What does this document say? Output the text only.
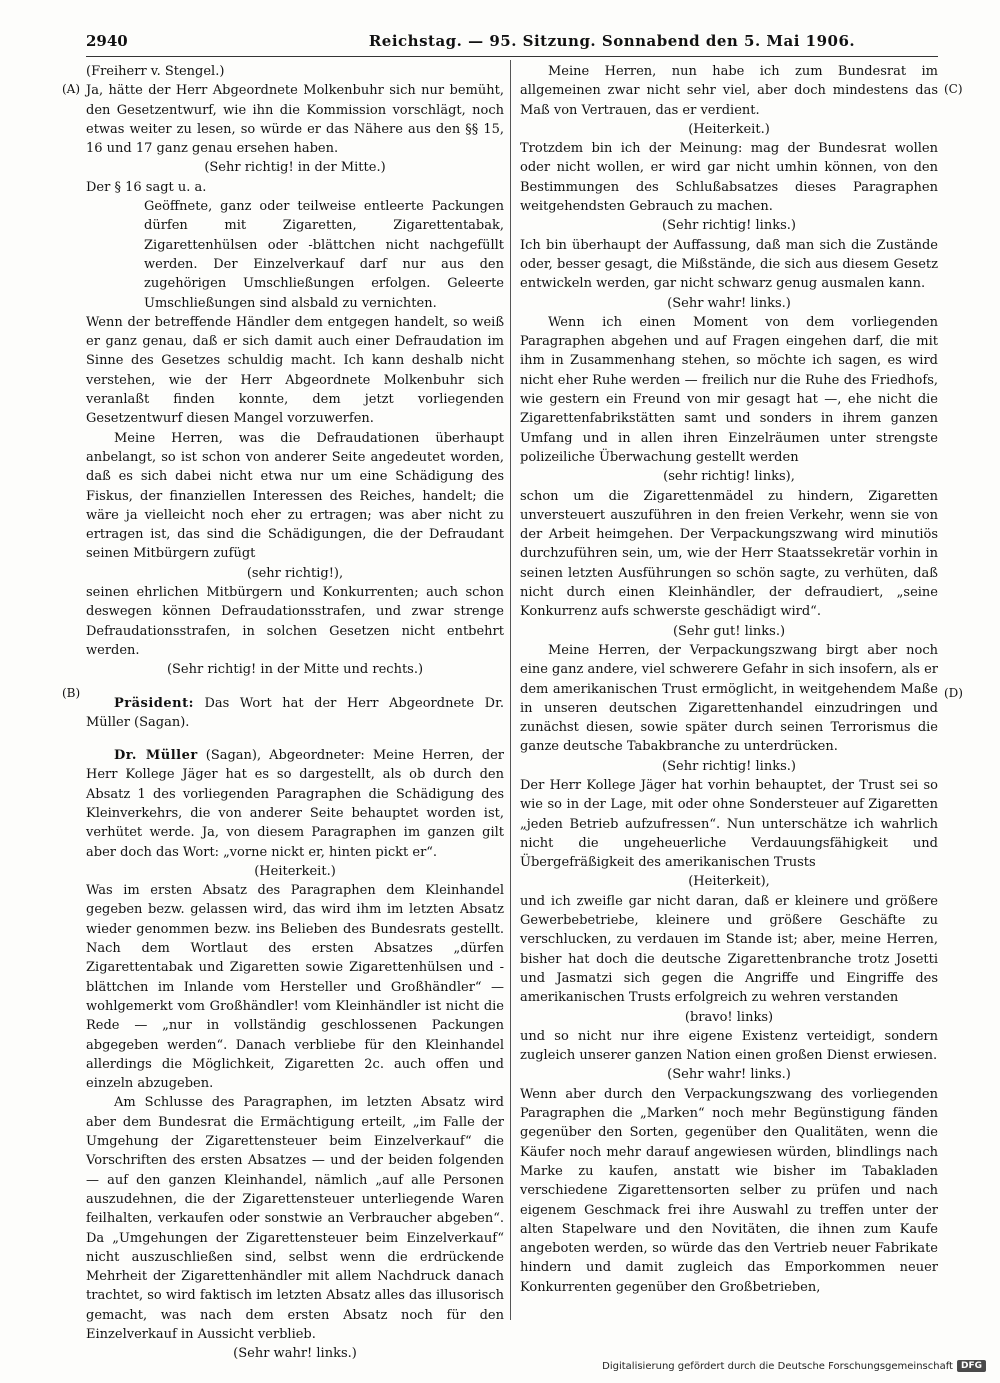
2940	Reichstag. — 95. Sitzung. Sonnabend den 5. Mai 1906.
(A)
(B)
(C)
(D)

(Freiherr v. Stengel.)

Ja, hätte der Herr Abgeordnete Molkenbuhr sich nur bemüht, den Gesetzentwurf, wie ihn die Kommission vorschlägt, noch etwas weiter zu lesen, so würde er das Nähere aus den §§ 15, 16 und 17 ganz genau ersehen haben.

(Sehr richtig! in der Mitte.)

Der § 16 sagt u. a.

Geöffnete, ganz oder teilweise entleerte Packungen dürfen mit Zigaretten, Zigarettentabak, Zigarettenhülsen oder -blättchen nicht nachgefüllt werden. Der Einzelverkauf darf nur aus den zugehörigen Umschließungen erfolgen. Geleerte Umschließungen sind alsbald zu vernichten.

Wenn der betreffende Händler dem entgegen handelt, so weiß er ganz genau, daß er sich damit auch einer Defraudation im Sinne des Gesetzes schuldig macht. Ich kann deshalb nicht verstehen, wie der Herr Abgeordnete Molkenbuhr sich veranlaßt finden konnte, dem jetzt vorliegenden Gesetzentwurf diesen Mangel vorzuwerfen.

Meine Herren, was die Defraudationen überhaupt anbelangt, so ist schon von anderer Seite angedeutet worden, daß es sich dabei nicht etwa nur um eine Schädigung des Fiskus, der finanziellen Interessen des Reiches, handelt; die wäre ja vielleicht noch eher zu ertragen; was aber nicht zu ertragen ist, das sind die Schädigungen, die der Defraudant seinen Mitbürgern zufügt

(sehr richtig!),

seinen ehrlichen Mitbürgern und Konkurrenten; auch schon deswegen können Defraudationsstrafen, und zwar strenge Defraudationsstrafen, in solchen Gesetzen nicht entbehrt werden.

(Sehr richtig! in der Mitte und rechts.)

Präsident: Das Wort hat der Herr Abgeordnete Dr. Müller (Sagan).

Dr. Müller (Sagan), Abgeordneter: Meine Herren, der Herr Kollege Jäger hat es so dargestellt, als ob durch den Absatz 1 des vorliegenden Paragraphen die Schädigung des Kleinverkehrs, die von anderer Seite behauptet worden ist, verhütet werde. Ja, von diesem Paragraphen im ganzen gilt aber doch das Wort: „vorne nickt er, hinten pickt er“.

(Heiterkeit.)

Was im ersten Absatz des Paragraphen dem Kleinhandel gegeben bezw. gelassen wird, das wird ihm im letzten Absatz wieder genommen bezw. ins Belieben des Bundesrats gestellt. Nach dem Wortlaut des ersten Absatzes „dürfen Zigarettentabak und Zigaretten sowie Zigarettenhülsen und -blättchen im Inlande vom Hersteller und Großhändler“ — wohlgemerkt vom Großhändler! vom Kleinhändler ist nicht die Rede — „nur in vollständig geschlossenen Packungen abgegeben werden“. Danach verbliebe für den Kleinhandel allerdings die Möglichkeit, Zigaretten 2c. auch offen und einzeln abzugeben.

Am Schlusse des Paragraphen, im letzten Absatz wird aber dem Bundesrat die Ermächtigung erteilt, „im Falle der Umgehung der Zigarettensteuer beim Einzelverkauf“ die Vorschriften des ersten Absatzes — und der beiden folgenden — auf den ganzen Kleinhandel, nämlich „auf alle Personen auszudehnen, die der Zigarettensteuer unterliegende Waren feilhalten, verkaufen oder sonstwie an Verbraucher abgeben“. Da „Umgehungen der Zigarettensteuer beim Einzelverkauf“ nicht auszuschließen sind, selbst wenn die erdrückende Mehrheit der Zigarettenhändler mit allem Nachdruck danach trachtet, so wird faktisch im letzten Absatz alles das illusorisch gemacht, was nach dem ersten Absatz noch für den Einzelverkauf in Aussicht verblieb.

(Sehr wahr! links.)

Meine Herren, nun habe ich zum Bundesrat im allgemeinen zwar nicht sehr viel, aber doch mindestens das Maß von Vertrauen, das er verdient.

(Heiterkeit.)

Trotzdem bin ich der Meinung: mag der Bundesrat wollen oder nicht wollen, er wird gar nicht umhin können, von den Bestimmungen des Schlußabsatzes dieses Paragraphen weitgehendsten Gebrauch zu machen.

(Sehr richtig! links.)

Ich bin überhaupt der Auffassung, daß man sich die Zustände oder, besser gesagt, die Mißstände, die sich aus diesem Gesetz entwickeln werden, gar nicht schwarz genug ausmalen kann.

(Sehr wahr! links.)

Wenn ich einen Moment von dem vorliegenden Paragraphen abgehen und auf Fragen eingehen darf, die mit ihm in Zusammenhang stehen, so möchte ich sagen, es wird nicht eher Ruhe werden — freilich nur die Ruhe des Friedhofs, wie gestern ein Freund von mir gesagt hat —, ehe nicht die Zigarettenfabrikstätten samt und sonders in ihrem ganzen Umfang und in allen ihren Einzelräumen unter strengste polizeiliche Überwachung gestellt werden

(sehr richtig! links),

schon um die Zigarettenmädel zu hindern, Zigaretten unversteuert auszuführen in den freien Verkehr, wenn sie von der Arbeit heimgehen. Der Verpackungszwang wird minutiös durchzuführen sein, um, wie der Herr Staatssekretär vorhin in seinen letzten Ausführungen so schön sagte, zu verhüten, daß nicht durch einen Kleinhändler, der defraudiert, „seine Konkurrenz aufs schwerste geschädigt wird“.

(Sehr gut! links.)

Meine Herren, der Verpackungszwang birgt aber noch eine ganz andere, viel schwerere Gefahr in sich insofern, als er dem amerikanischen Trust ermöglicht, in weitgehendem Maße in unseren deutschen Zigarettenhandel einzudringen und zunächst diesen, sowie später durch seinen Terrorismus die ganze deutsche Tabakbranche zu unterdrücken.

(Sehr richtig! links.)

Der Herr Kollege Jäger hat vorhin behauptet, der Trust sei so wie so in der Lage, mit oder ohne Sondersteuer auf Zigaretten „jeden Betrieb aufzufressen“. Nun unterschätze ich wahrlich nicht die ungeheuerliche Verdauungsfähigkeit und Übergefräßigkeit des amerikanischen Trusts

(Heiterkeit),

und ich zweifle gar nicht daran, daß er kleinere und größere Gewerbebetriebe, kleinere und größere Geschäfte zu verschlucken, zu verdauen im Stande ist; aber, meine Herren, bisher hat doch die deutsche Zigarettenbranche trotz Josetti und Jasmatzi sich gegen die Angriffe und Eingriffe des amerikanischen Trusts erfolgreich zu wehren verstanden

(bravo! links)

und so nicht nur ihre eigene Existenz verteidigt, sondern zugleich unserer ganzen Nation einen großen Dienst erwiesen.

(Sehr wahr! links.)

Wenn aber durch den Verpackungszwang des vorliegenden Paragraphen die „Marken“ noch mehr Begünstigung fänden gegenüber den Sorten, gegenüber den Qualitäten, wenn die Käufer noch mehr darauf angewiesen würden, blindlings nach Marke zu kaufen, anstatt wie bisher im Tabakladen verschiedene Zigarettensorten selber zu prüfen und nach eigenem Geschmack frei ihre Auswahl zu treffen unter der alten Stapelware und den Novitäten, die ihnen zum Kaufe angeboten werden, so würde das den Vertrieb neuer Fabrikate hindern und damit zugleich das Emporkommen neuer Konkurrenten gegenüber den Großbetrieben,

Digitalisierung gefördert durch die Deutsche Forschungsgemeinschaft DFG
